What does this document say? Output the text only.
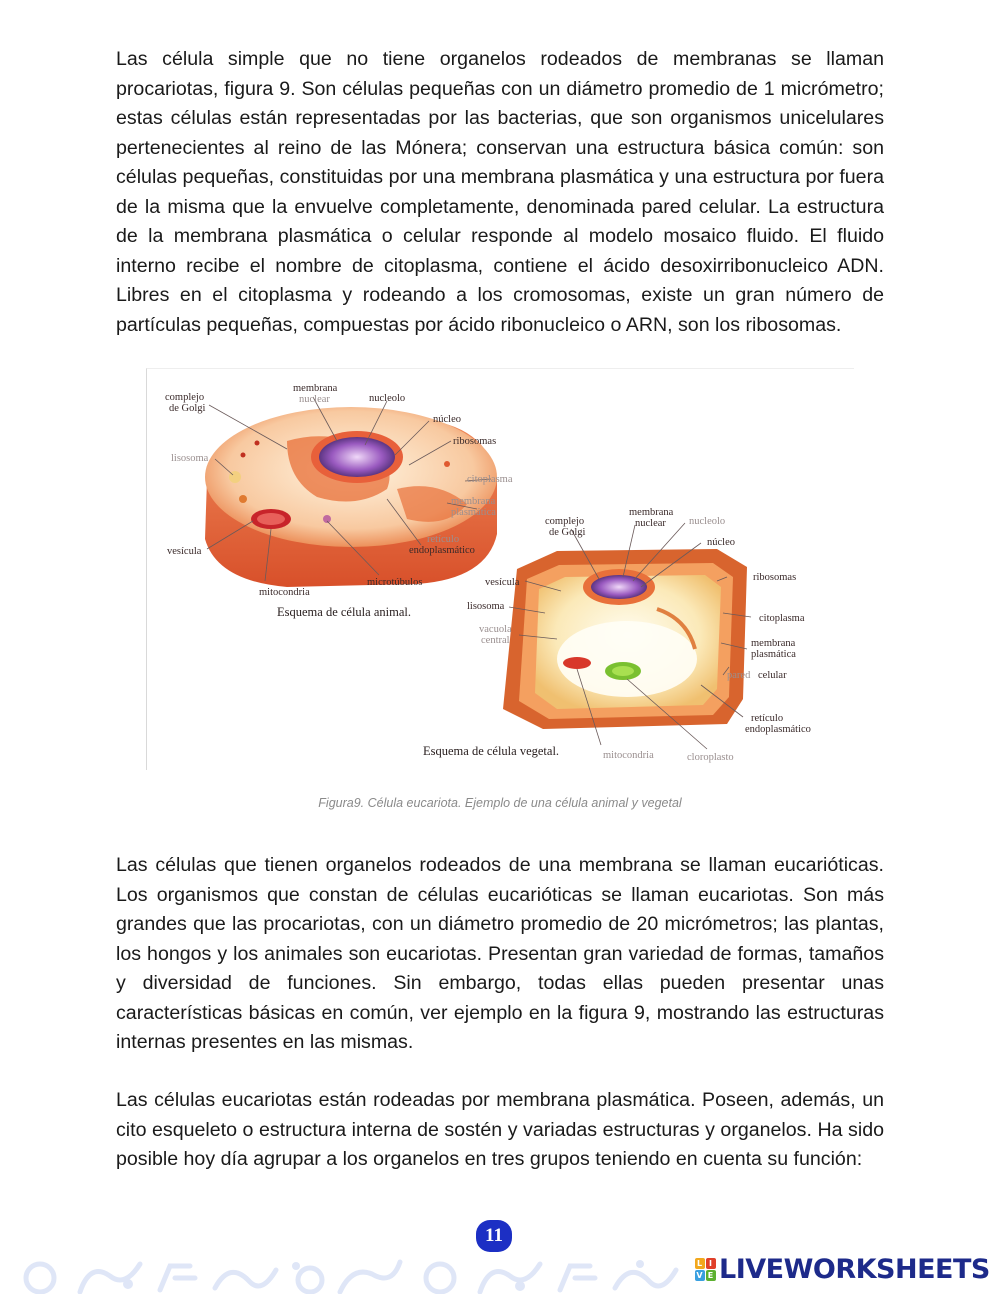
Las célula simple que no tiene organelos rodeados de membranas se llaman procariotas, figura 9. Son células pequeñas con un diámetro promedio de 1 micrómetro; estas células están representadas por las bacterias, que son organismos unicelulares pertenecientes al reino de las Mónera; conservan una estructura básica común: son células pequeñas, constituidas por una membrana plasmática y una estructura por fuera de la misma que la envuelve completamente, denominada pared celular. La estructura de la membrana plasmática o celular responde al modelo mosaico fluido. El fluido interno recibe el nombre de citoplasma, contiene el ácido desoxirribonucleico ADN. Libres en el citoplasma y rodeando a los cromosomas, existe un gran número de partículas pequeñas, compuestas por ácido ribonucleico o ARN, son los ribosomas.

complejo
de Golgi
membrana
nuclear	nucleolo
núcleo
ribosomas
lisosoma
citoplasma
membrana
plasmática
retículo
endoplasmático
vesícula
microtúbulos
mitocondria
Esquema de célula animal.
complejo
de Golgi
membrana
nuclear nucleolo
núcleo
vesícula	ribosomas
lisosoma
citoplasma
vacuola
central	membrana
plasmática
pared celular
retículo
endoplasmático
mitocondria	cloroplasto
Esquema de célula vegetal.
Figura9. Célula eucariota. Ejemplo de una célula animal y vegetal

Las células que tienen organelos rodeados de una membrana se llaman eucarióticas. Los organismos que constan de células eucarióticas se llaman eucariotas. Son más grandes que las procariotas, con un diámetro promedio de 20 micrómetros; las plantas, los hongos y los animales son eucariotas. Presentan gran variedad de formas, tamaños y diversidad de funciones. Sin embargo, todas ellas pueden presentar unas características básicas en común, ver ejemplo en la figura 9, mostrando las estructuras internas presentes en las mismas.

Las células eucariotas están rodeadas por membrana plasmática. Poseen, además, un cito esqueleto o estructura interna de sostén y variadas estructuras y organelos. Ha sido posible hoy día agrupar a los organelos en tres grupos teniendo en cuenta su función:

11
L I
V E LIVEWORKSHEETS
